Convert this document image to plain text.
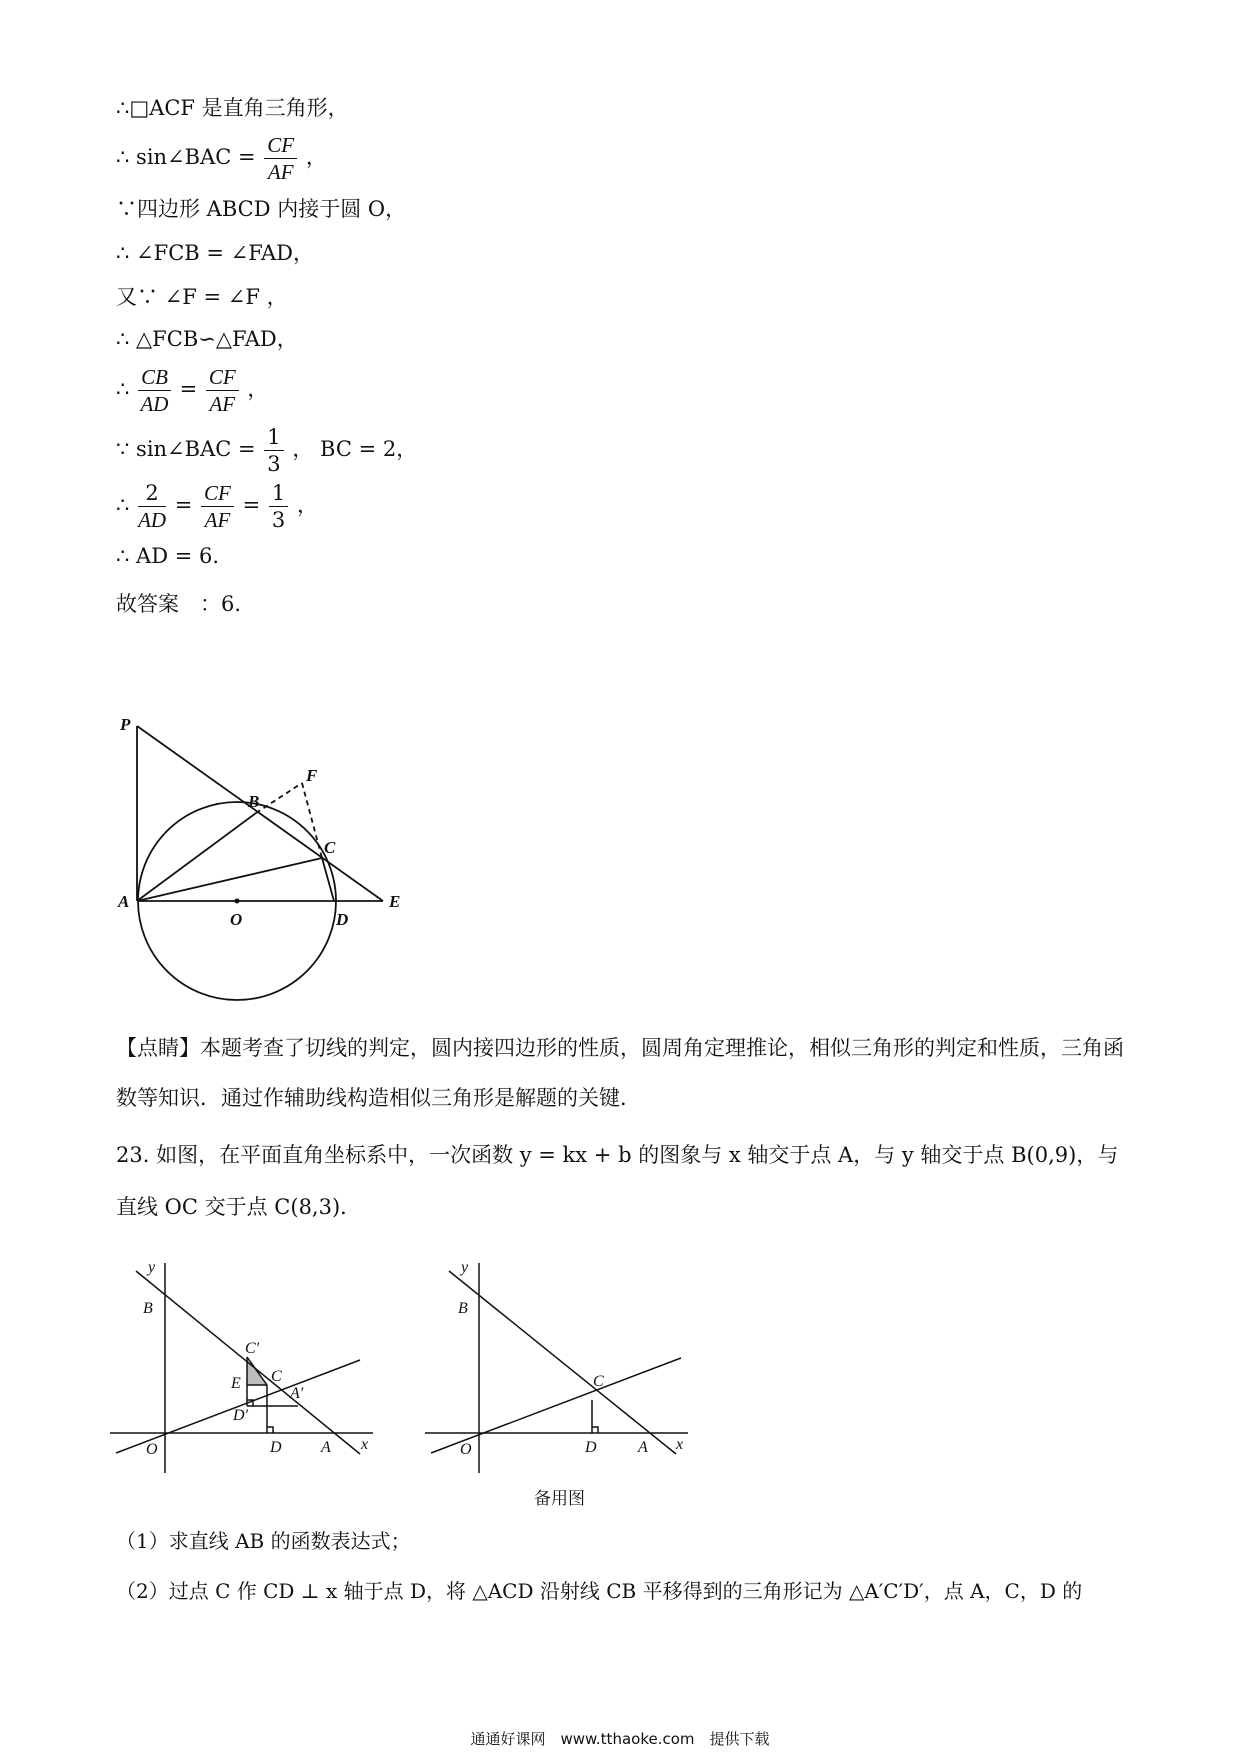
∴□ACF 是直角三角形，
∴ sin∠BAC = $\frac{CF}{AF}$ ，
∵四边形 ABCD 内接于圆 O，
∴ ∠FCB = ∠FAD，
又∵ ∠F = ∠F ，
∴ △FCB∽△FAD，
∴ $\frac{CB}{AD} = \frac{CF}{AF}$ ，
∵ sin∠BAC = $\frac{1}{3}$ ， BC = 2，
∴ $\frac{2}{AD} = \frac{CF}{AF} = \frac{1}{3}$ ，
∴ AD = 6．
故答案　：6．
P
B
F
C
A
O	D
E
【点睛】本题考查了切线的判定，圆内接四边形的性质，圆周角定理推论，相似三角形的判定和性质，三角函数等知识．通过作辅助线构造相似三角形是解题的关键．
23. 如图，在平面直角坐标系中，一次函数 y = kx + b 的图象与 x 轴交于点 A，与 y 轴交于点 B(0,9)，与直线 OC 交于点 C(8,3)．
y
B
C′
C
E
A′
D′
O	D A x
y
B
C
O	D	A x
备用图
（1）求直线 AB 的函数表达式；
（2）过点 C 作 CD ⊥ x 轴于点 D，将 △ACD 沿射线 CB 平移得到的三角形记为 △A′C′D′，点 A，C，D 的
通通好课网　www.tthaoke.com　提供下载
